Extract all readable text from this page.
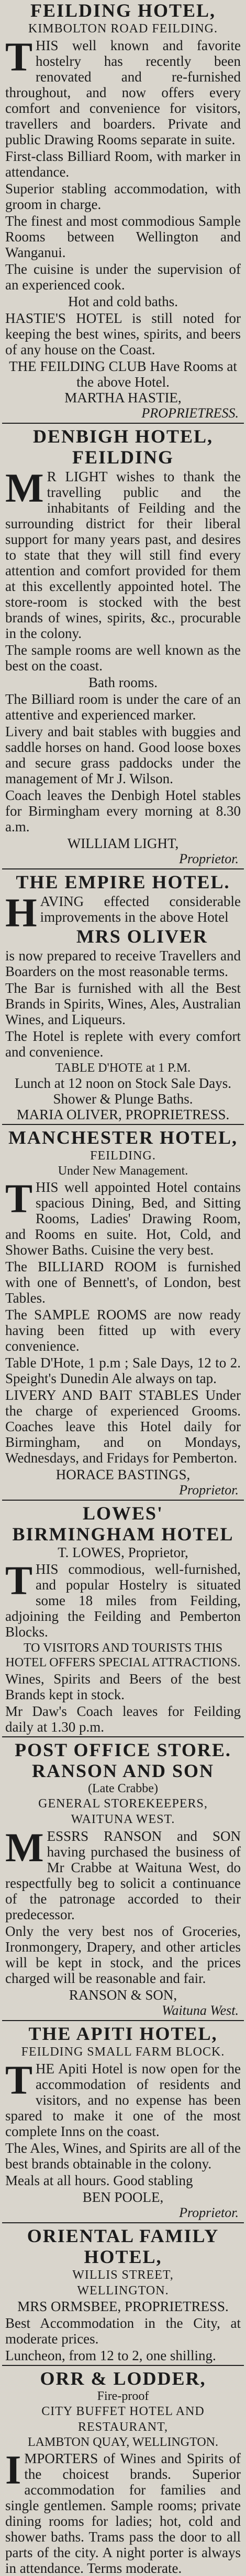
FEILDING HOTEL,
KIMBOLTON ROAD FEILDING.
THIS well known and favorite hostelry has recently been renovated and re-furnished throughout, and now offers every comfort and convenience for visitors, travellers and boarders. Private and public Drawing Rooms separate in suite.
First-class Billiard Room, with marker in attendance.
Superior stabling accommodation, with groom in charge.
The finest and most commodious Sample Rooms between Wellington and Wanganui.
The cuisine is under the supervision of an experienced cook.
Hot and cold baths.
HASTIE'S HOTEL is still noted for keeping the best wines, spirits, and beers of any house on the Coast.
THE FEILDING CLUB Have Rooms at the above Hotel.
MARTHA HASTIE,
PROPRIETRESS.
DENBIGH HOTEL, FEILDING
M R LIGHT wishes to thank the travelling public and the inhabitants of Feilding and the surrounding district for their liberal support for many years past, and desires to state that they will still find every attention and comfort provided for them at this excellently appointed hotel. The store-room is stocked with the best brands of wines, spirits, &c., procurable in the colony.
The sample rooms are well known as the best on the coast.
Bath rooms.
The Billiard room is under the care of an attentive and experienced marker.
Livery and bait stables with buggies and saddle horses on hand. Good loose boxes and secure grass paddocks under the management of Mr J. Wilson.
Coach leaves the Denbigh Hotel stables for Birmingham every morning at 8.30 a.m.
WILLIAM LIGHT,
Proprietor.
THE EMPIRE HOTEL.
HAVING effected considerable improvements in the above Hotel
MRS OLIVER
is now prepared to receive Travellers and Boarders on the most reasonable terms.
The Bar is furnished with all the Best Brands in Spirits, Wines, Ales, Australian Wines, and Liqueurs.
The Hotel is replete with every comfort and convenience.
TABLE D'HOTE at 1 P.M.
Lunch at 12 noon on Stock Sale Days. Shower & Plunge Baths.
MARIA OLIVER, PROPRIETRESS.
MANCHESTER HOTEL,
FEILDING.
Under New Management.
THIS well appointed Hotel contains spacious Dining, Bed, and Sitting Rooms, Ladies' Drawing Room, and Rooms en suite. Hot, Cold, and Shower Baths. Cuisine the very best.
The BILLIARD ROOM is furnished with one of Bennett's, of London, best Tables.
The SAMPLE ROOMS are now ready having been fitted up with every convenience.
Table D'Hote, 1 p.m ; Sale Days, 12 to 2. Speight's Dunedin Ale always on tap.
LIVERY AND BAIT STABLES Under the charge of experienced Grooms. Coaches leave this Hotel daily for Birmingham, and on Mondays, Wednesdays, and Fridays for Pemberton.
HORACE BASTINGS,
Proprietor.
LOWES'
BIRMINGHAM HOTEL
T. LOWES, Proprietor,
THIS commodious, well-furnished, and popular Hostelry is situated some 18 miles from Feilding, adjoining the Feilding and Pemberton Blocks.
TO VISITORS AND TOURISTS THIS HOTEL OFFERS SPECIAL ATTRACTIONS.
Wines, Spirits and Beers of the best Brands kept in stock.
Mr Daw's Coach leaves for Feilding daily at 1.30 p.m.
POST OFFICE STORE.
RANSON AND SON
(Late Crabbe)
GENERAL STOREKEEPERS,
WAITUNA WEST.
MESSRS RANSON and SON having purchased the business of Mr Crabbe at Waituna West, do respectfully beg to solicit a continuance of the patronage accorded to their predecessor.
Only the very best nos of Groceries, Ironmongery, Drapery, and other articles will be kept in stock, and the prices charged will be reasonable and fair.
RANSON & SON,
Waituna West.
THE APITI HOTEL,
FEILDING SMALL FARM BLOCK.
THE Apiti Hotel is now open for the accommodation of residents and visitors, and no expense has been spared to make it one of the most complete Inns on the coast.
The Ales, Wines, and Spirits are all of the best brands obtainable in the colony.
Meals at all hours. Good stabling
BEN POOLE,
Proprietor.
ORIENTAL FAMILY HOTEL,
WILLIS STREET,
WELLINGTON.
MRS ORMSBEE, PROPRIETRESS.
Best Accommodation in the City, at moderate prices.
Luncheon, from 12 to 2, one shilling.
ORR & LODDER,
Fire-proof
CITY BUFFET HOTEL AND
RESTAURANT,
LAMBTON QUAY, WELLINGTON.
IMPORTERS of Wines and Spirits of the choicest brands. Superior accommodation for families and single gentlemen. Sample rooms; private dining rooms for ladies; hot, cold and shower baths. Trams pass the door to all parts of the city. A night porter is always in attendance. Terms moderate.
